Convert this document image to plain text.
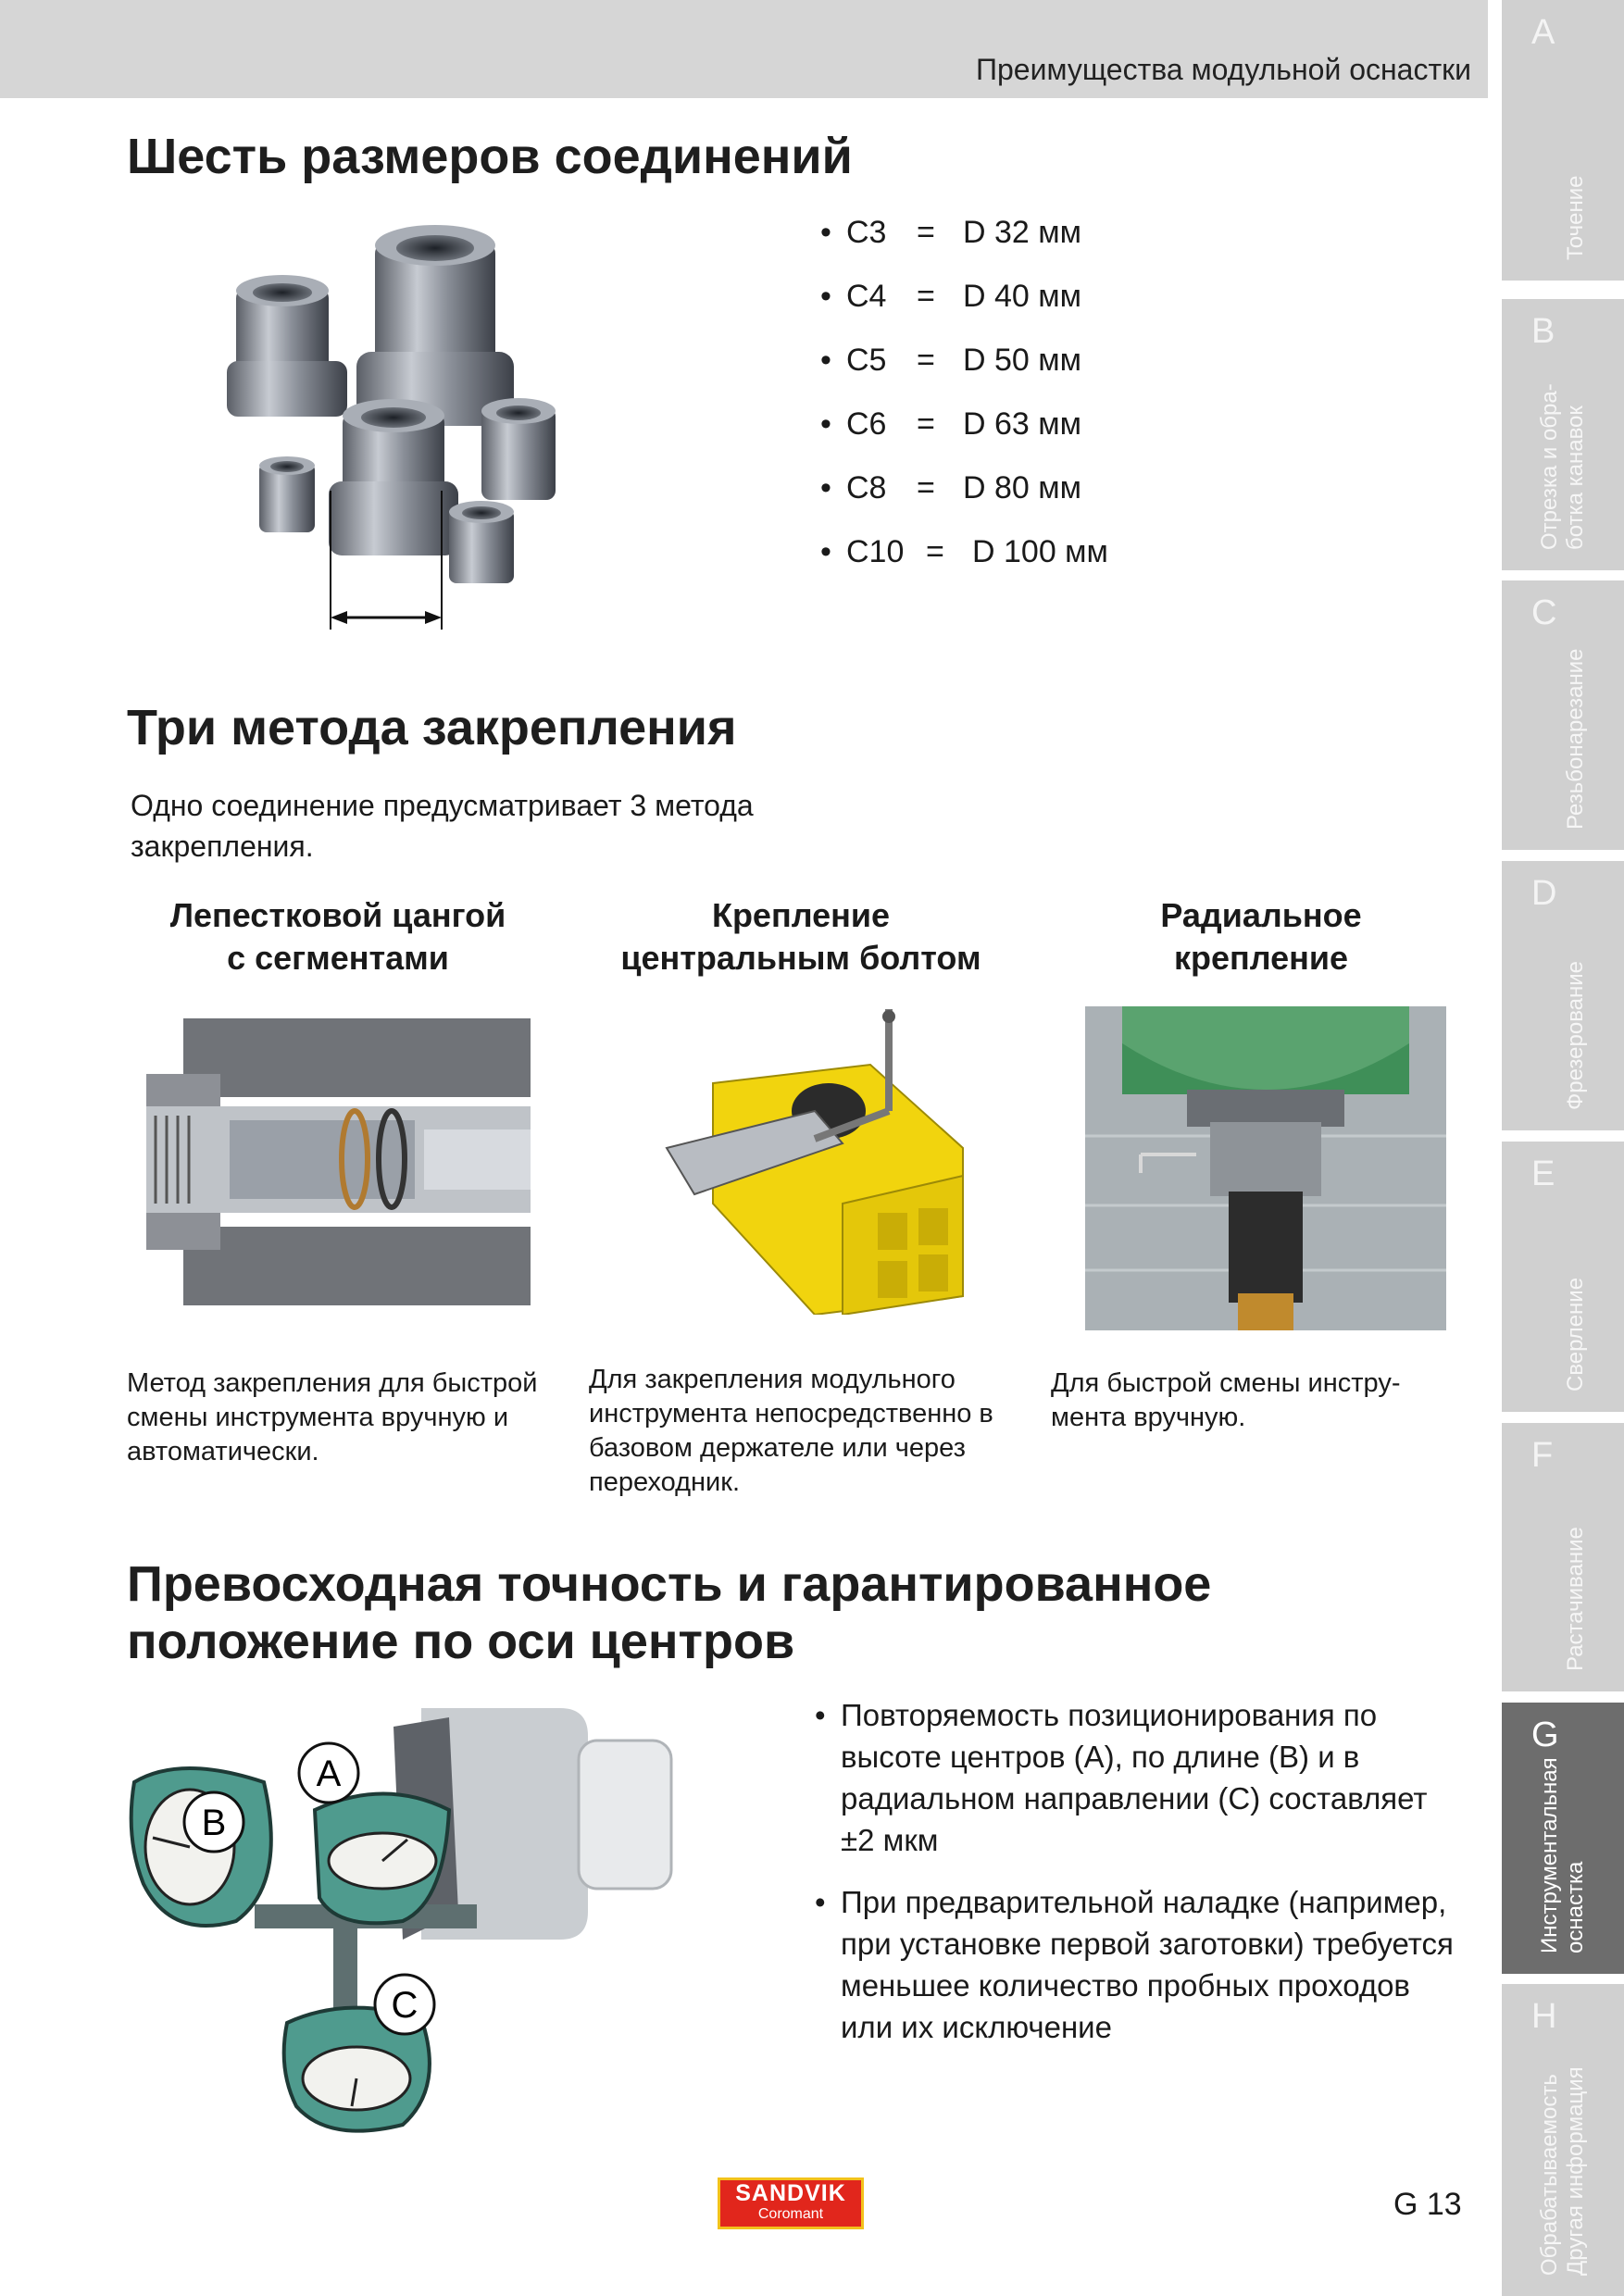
Преимущества модульной оснастки
A
Точение
B
Отрезка и обра- ботка канавок
C
Резьбонарезание
D
Фрезерование
E
Сверление
F
Растачивание
G
Инструментальная оснастка
H
Обрабатываемость Другая информация
Шесть размеров соединений
• C3 = D 32 мм
• C4 = D 40 мм
• C5 = D 50 мм
• C6 = D 63 мм
• C8 = D 80 мм
• C10 = D 100 мм
Три метода закрепления
Одно соединение предусматривает 3 метода закрепления.
Лепестковой цангой
с сегментами
Крепление
центральным болтом
Радиальное
крепление
Метод закрепления для быстрой смены инструмента вручную и автоматически.
Для закрепления модульного инструмента непосредственно в базовом держателе или через переходник.
Для быстрой смены инструмента вручную.
Превосходная точность и гарантированное
положение по оси центров
A
B
C
• Повторяемость позиционирования по высоте центров (A), по длине (B) и в радиальном направлении (C) составляет ±2 мкм
• При предварительной наладке (например, при установке первой заготовки) требуется меньшее количество пробных проходов или их исключение
SANDVIK
Coromant	G 13
